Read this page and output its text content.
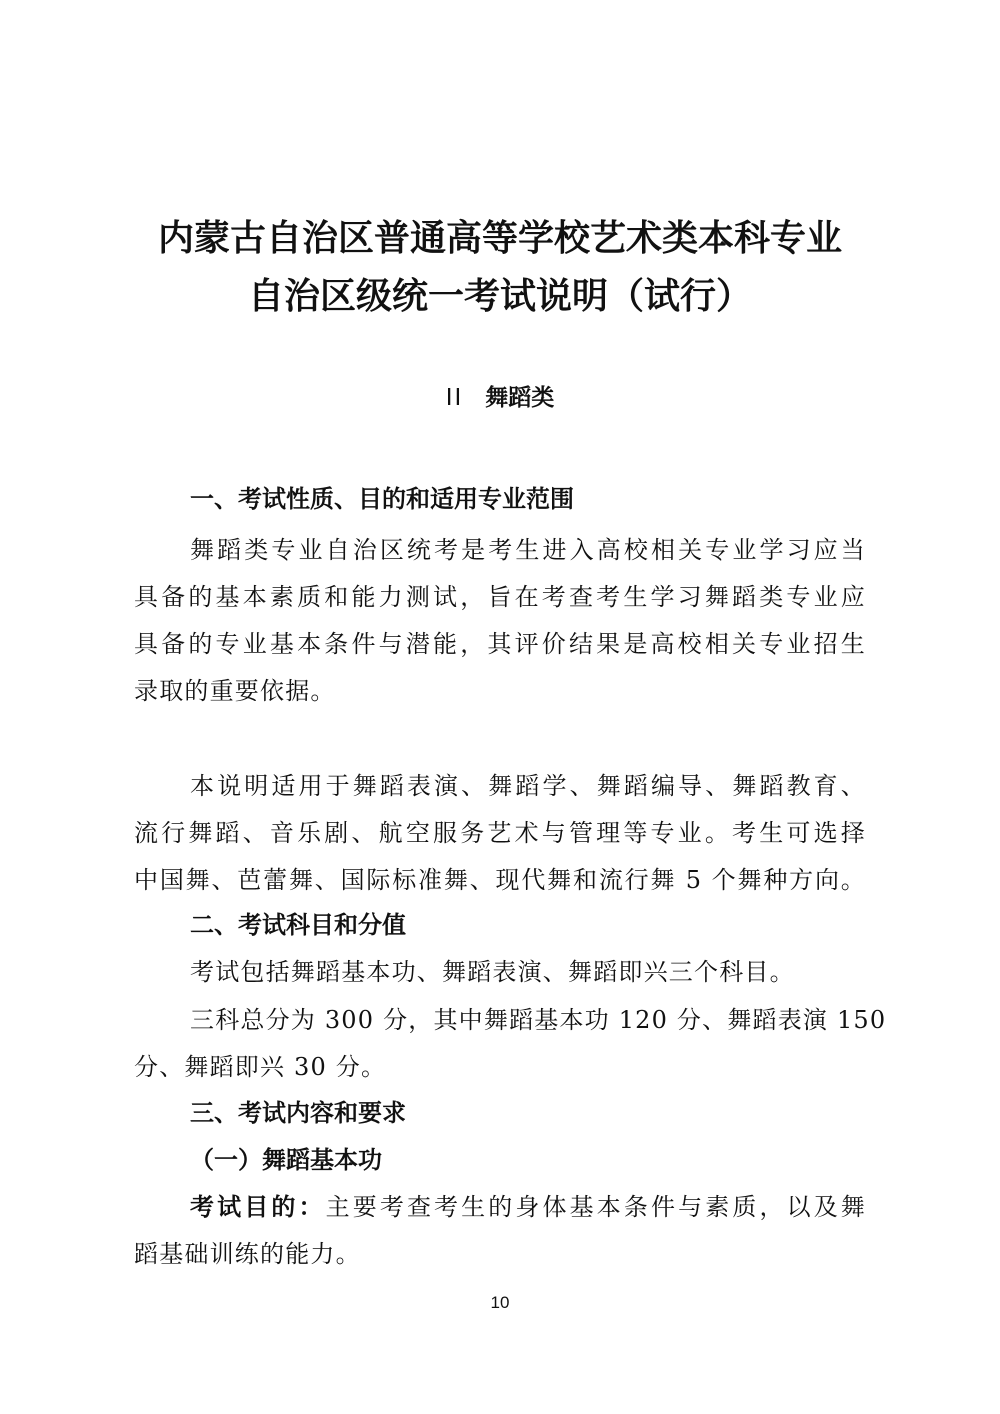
内蒙古自治区普通高等学校艺术类本科专业
自治区级统一考试说明（试行）
II 舞蹈类
一、考试性质、目的和适用专业范围
舞蹈类专业自治区统考是考生进入高校相关专业学习应当
具备的基本素质和能力测试，旨在考查考生学习舞蹈类专业应
具备的专业基本条件与潜能，其评价结果是高校相关专业招生
录取的重要依据。
本说明适用于舞蹈表演、舞蹈学、舞蹈编导、舞蹈教育、
流行舞蹈、音乐剧、航空服务艺术与管理等专业。考生可选择
中国舞、芭蕾舞、国际标准舞、现代舞和流行舞 5 个舞种方向。
二、考试科目和分值
考试包括舞蹈基本功、舞蹈表演、舞蹈即兴三个科目。
三科总分为 300 分，其中舞蹈基本功 120 分、舞蹈表演 150
分、舞蹈即兴 30 分。
三、考试内容和要求
（一）舞蹈基本功
考试目的：主要考查考生的身体基本条件与素质，以及舞
蹈基础训练的能力。
10
